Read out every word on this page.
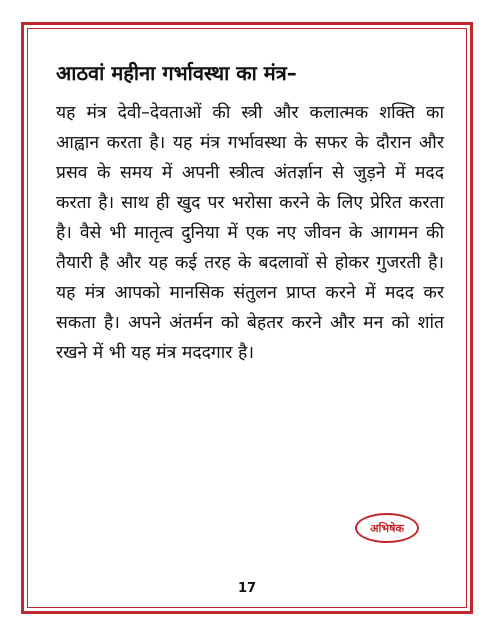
आठवां महीना गर्भावस्था का मंत्र–

यह मंत्र देवी–देवताओं की स्त्री और कलात्मक शक्ति का आह्वान करता है। यह मंत्र गर्भावस्था के सफर के दौरान और प्रसव के समय में अपनी स्त्रीत्व अंतर्ज्ञान से जुड़ने में मदद करता है। साथ ही खुद पर भरोसा करने के लिए प्रेरित करता है। वैसे भी मातृत्व दुनिया में एक नए जीवन के आगमन की तैयारी है और यह कई तरह के बदलावों से होकर गुजरती है। यह मंत्र आपको मानसिक संतुलन प्राप्त करने में मदद कर सकता है। अपने अंतर्मन को बेहतर करने और मन को शांत रखने में भी यह मंत्र मददगार है।

अभिषेक
17
